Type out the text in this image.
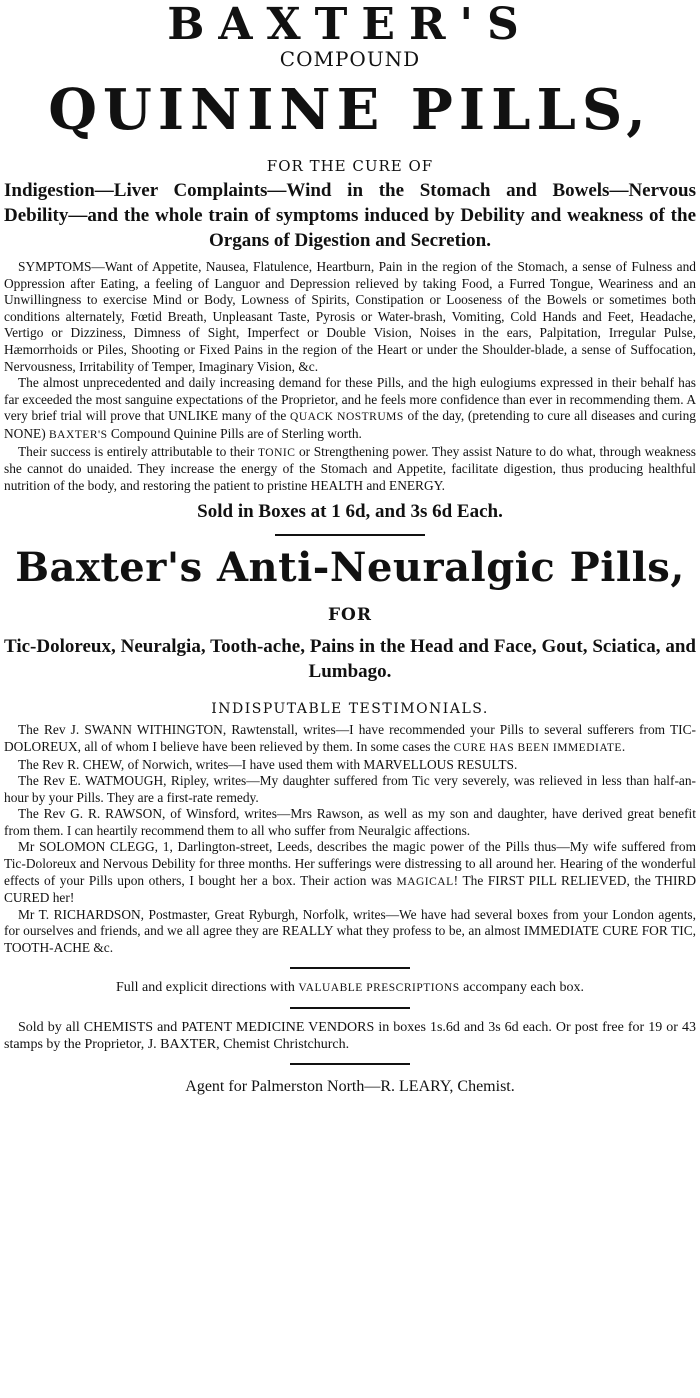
BAXTER'S
COMPOUND
QUININE PILLS,
FOR THE CURE OF

Indigestion—Liver Complaints—Wind in the Stomach and Bowels—Nervous Debility—and the whole train of symptoms induced by Debility and weakness of the Organs of Digestion and Secretion.

SYMPTOMS—Want of Appetite, Nausea, Flatulence, Heartburn, Pain in the region of the Stomach, a sense of Fulness and Oppression after Eating, a feeling of Languor and Depression relieved by taking Food, a Furred Tongue, Weariness and an Unwillingness to exercise Mind or Body, Lowness of Spirits, Constipation or Looseness of the Bowels or sometimes both conditions alternately, Fœtid Breath, Unpleasant Taste, Pyrosis or Water-brash, Vomiting, Cold Hands and Feet, Headache, Vertigo or Dizziness, Dimness of Sight, Imperfect or Double Vision, Noises in the ears, Palpitation, Irregular Pulse, Hæmorrhoids or Piles, Shooting or Fixed Pains in the region of the Heart or under the Shoulder-blade, a sense of Suffocation, Nervousness, Irritability of Temper, Imaginary Vision, &c.

The almost unprecedented and daily increasing demand for these Pills, and the high eulogiums expressed in their behalf has far exceeded the most sanguine expectations of the Proprietor, and he feels more confidence than ever in recommending them. A very brief trial will prove that UNLIKE many of the QUACK NOSTRUMS of the day, (pretending to cure all diseases and curing NONE) BAXTER'S Compound Quinine Pills are of Sterling worth.

Their success is entirely attributable to their TONIC or Strengthening power. They assist Nature to do what, through weakness she cannot do unaided. They increase the energy of the Stomach and Appetite, facilitate digestion, thus producing healthful nutrition of the body, and restoring the patient to pristine HEALTH and ENERGY.

Sold in Boxes at 1 6d, and 3s 6d Each.
Baxter's Anti-Neuralgic Pills,
FOR

Tic-Doloreux, Neuralgia, Tooth-ache, Pains in the Head and Face, Gout, Sciatica, and Lumbago.

INDISPUTABLE TESTIMONIALS.

The Rev J. SWANN WITHINGTON, Rawtenstall, writes—I have recommended your Pills to several sufferers from TIC-DOLOREUX, all of whom I believe have been relieved by them. In some cases the CURE HAS BEEN IMMEDIATE.

The Rev R. CHEW, of Norwich, writes—I have used them with MARVELLOUS RESULTS.

The Rev E. WATMOUGH, Ripley, writes—My daughter suffered from Tic very severely, was relieved in less than half-an-hour by your Pills. They are a first-rate remedy.

The Rev G. R. RAWSON, of Winsford, writes—Mrs Rawson, as well as my son and daughter, have derived great benefit from them. I can heartily recommend them to all who suffer from Neuralgic affections.

Mr SOLOMON CLEGG, 1, Darlington-street, Leeds, describes the magic power of the Pills thus—My wife suffered from Tic-Doloreux and Nervous Debility for three months. Her sufferings were distressing to all around her. Hearing of the wonderful effects of your Pills upon others, I bought her a box. Their action was MAGICAL! The FIRST PILL RELIEVED, the THIRD CURED her!

Mr T. RICHARDSON, Postmaster, Great Ryburgh, Norfolk, writes—We have had several boxes from your London agents, for ourselves and friends, and we all agree they are REALLY what they profess to be, an almost IMMEDIATE CURE FOR TIC, TOOTH-ACHE &c.

Full and explicit directions with VALUABLE PRESCRIPTIONS accompany each box.

Sold by all CHEMISTS and PATENT MEDICINE VENDORS in boxes 1s.6d and 3s 6d each. Or post free for 19 or 43 stamps by the Proprietor, J. BAXTER, Chemist Christchurch.

Agent for Palmerston North—R. LEARY, Chemist.
